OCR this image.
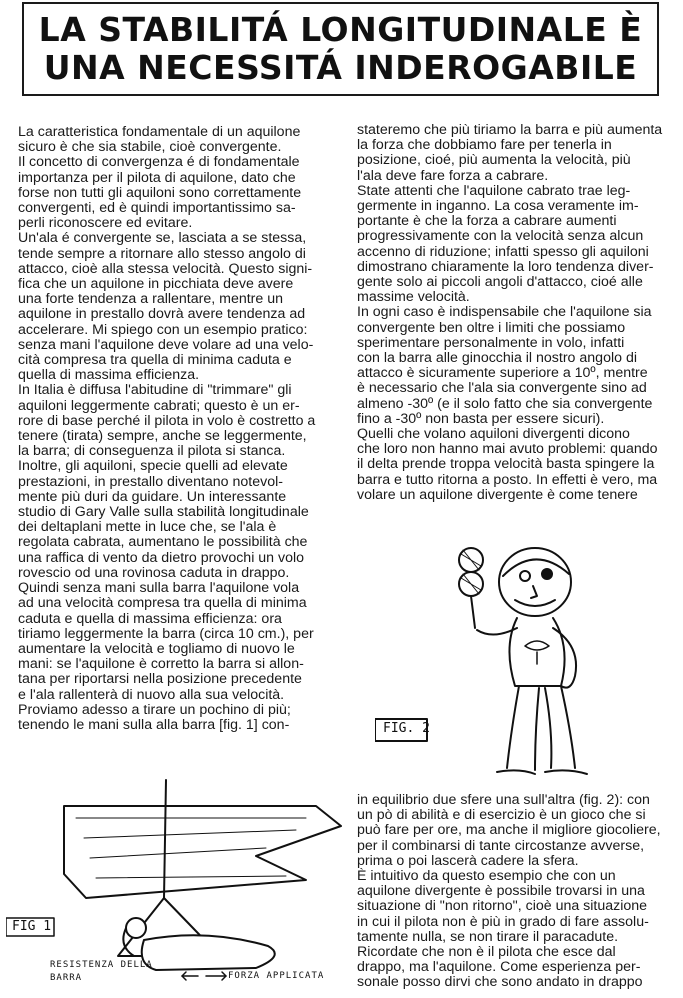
LA STABILITÁ LONGITUDINALE È
UNA NECESSITÁ INDEROGABILE
La caratteristica fondamentale di un aquilone
sicuro è che sia stabile, cioè convergente.
Il concetto di convergenza é di fondamentale
importanza per il pilota di aquilone, dato che
forse non tutti gli aquiloni sono correttamente
convergenti, ed è quindi importantissimo sa-
perli riconoscere ed evitare.
Un'ala é convergente se, lasciata a se stessa,
tende sempre a ritornare allo stesso angolo di
attacco, cioè alla stessa velocità. Questo signi-
fica che un aquilone in picchiata deve avere
una forte tendenza a rallentare, mentre un
aquilone in prestallo dovrà avere tendenza ad
accelerare. Mi spiego con un esempio pratico:
senza mani l'aquilone deve volare ad una velo-
cità compresa tra quella di minima caduta e
quella di massima efficienza.
In Italia è diffusa l'abitudine di "trimmare" gli
aquiloni leggermente cabrati; questo è un er-
rore di base perché il pilota in volo è costretto a
tenere (tirata) sempre, anche se leggermente,
la barra; di conseguenza il pilota si stanca.
Inoltre, gli aquiloni, specie quelli ad elevate
prestazioni, in prestallo diventano notevol-
mente più duri da guidare. Un interessante
studio di Gary Valle sulla stabilità longitudinale
dei deltaplani mette in luce che, se l'ala è
regolata cabrata, aumentano le possibilità che
una raffica di vento da dietro provochi un volo
rovescio od una rovinosa caduta in drappo.
Quindi senza mani sulla barra l'aquilone vola
ad una velocità compresa tra quella di minima
caduta e quella di massima efficienza: ora
tiriamo leggermente la barra (circa 10 cm.), per
aumentare la velocità e togliamo di nuovo le
mani: se l'aquilone è corretto la barra si allon-
tana per riportarsi nella posizione precedente
e l'ala rallenterà di nuovo alla sua velocità.
Proviamo adesso a tirare un pochino di più;
tenendo le mani sulla alla barra [fig. 1] con-
stateremo che più tiriamo la barra e più aumenta
la forza che dobbiamo fare per tenerla in
posizione, cioé, più aumenta la velocità, più
l'ala deve fare forza a cabrare.
State attenti che l'aquilone cabrato trae leg-
germente in inganno. La cosa veramente im-
portante è che la forza a cabrare aumenti
progressivamente con la velocità senza alcun
accenno di riduzione; infatti spesso gli aquiloni
dimostrano chiaramente la loro tendenza diver-
gente solo ai piccoli angoli d'attacco, cioé alle
massime velocità.
In ogni caso è indispensabile che l'aquilone sia
convergente ben oltre i limiti che possiamo
sperimentare personalmente in volo, infatti
con la barra alle ginocchia il nostro angolo di
attacco è sicuramente superiore a 10º, mentre
è necessario che l'ala sia convergente sino ad
almeno -30º (e il solo fatto che sia convergente
fino a -30º non basta per essere sicuri).
Quelli che volano aquiloni divergenti dicono
che loro non hanno mai avuto problemi: quando
il delta prende troppa velocità basta spingere la
barra e tutto ritorna a posto. In effetti è vero, ma
volare un aquilone divergente è come tenere
in equilibrio due sfere una sull'altra (fig. 2): con
un pò di abilità e di esercizio è un gioco che si
può fare per ore, ma anche il migliore giocoliere,
per il combinarsi di tante circostanze avverse,
prima o poi lascerà cadere la sfera.
È intuitivo da questo esempio che con un
aquilone divergente è possibile trovarsi in una
situazione di "non ritorno", cioè una situazione
in cui il pilota non è più in grado di fare assolu-
tamente nulla, se non tirare il paracadute.
Ricordate che non è il pilota che esce dal
drappo, ma l'aquilone. Come esperienza per-
sonale posso dirvi che sono andato in drappo
FIG. 2
FIG 1
RESISTENZA DELLA
BARRA	FORZA APPLICATA
